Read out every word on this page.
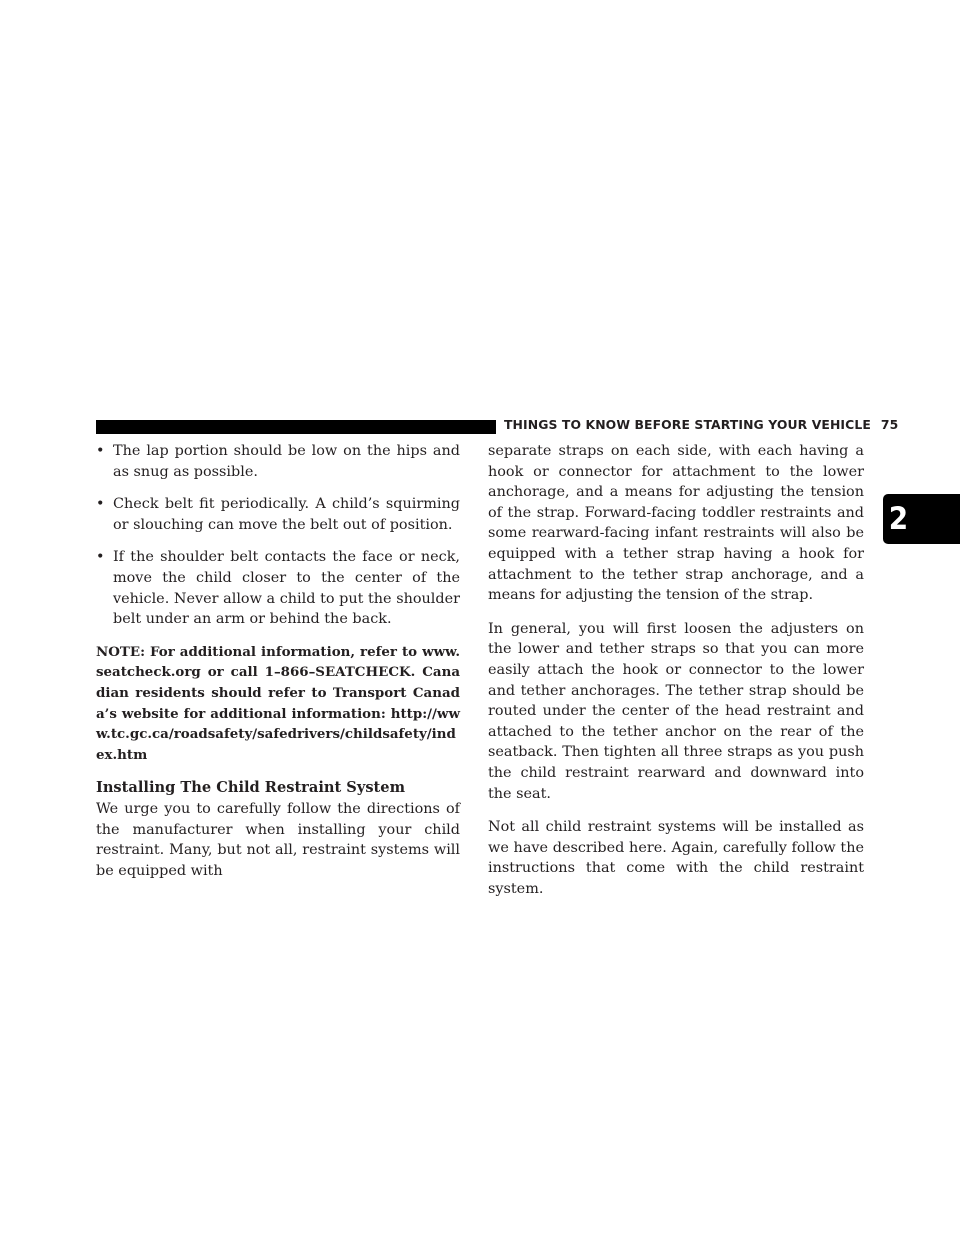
THINGS TO KNOW BEFORE STARTING YOUR VEHICLE 75
2
• The lap portion should be low on the hips and as snug as possible.
• Check belt fit periodically. A child’s squirming or slouching can move the belt out of position.
• If the shoulder belt contacts the face or neck, move the child closer to the center of the vehicle. Never allow a child to put the shoulder belt under an arm or behind the back.

NOTE: For additional information, refer to www.seatcheck.org or call 1–866–SEATCHECK. Canadian residents should refer to Transport Canada’s website for additional information: http://www.tc.gc.ca/roadsafety/safedrivers/childsafety/index.htm

Installing The Child Restraint System

We urge you to carefully follow the directions of the manufacturer when installing your child restraint. Many, but not all, restraint systems will be equipped with

separate straps on each side, with each having a hook or connector for attachment to the lower anchorage, and a means for adjusting the tension of the strap. Forward-facing toddler restraints and some rearward-facing infant restraints will also be equipped with a tether strap having a hook for attachment to the tether strap anchorage, and a means for adjusting the tension of the strap.

In general, you will first loosen the adjusters on the lower and tether straps so that you can more easily attach the hook or connector to the lower and tether anchorages. The tether strap should be routed under the center of the head restraint and attached to the tether anchor on the rear of the seatback. Then tighten all three straps as you push the child restraint rearward and downward into the seat.

Not all child restraint systems will be installed as we have described here. Again, carefully follow the instructions that come with the child restraint system.
